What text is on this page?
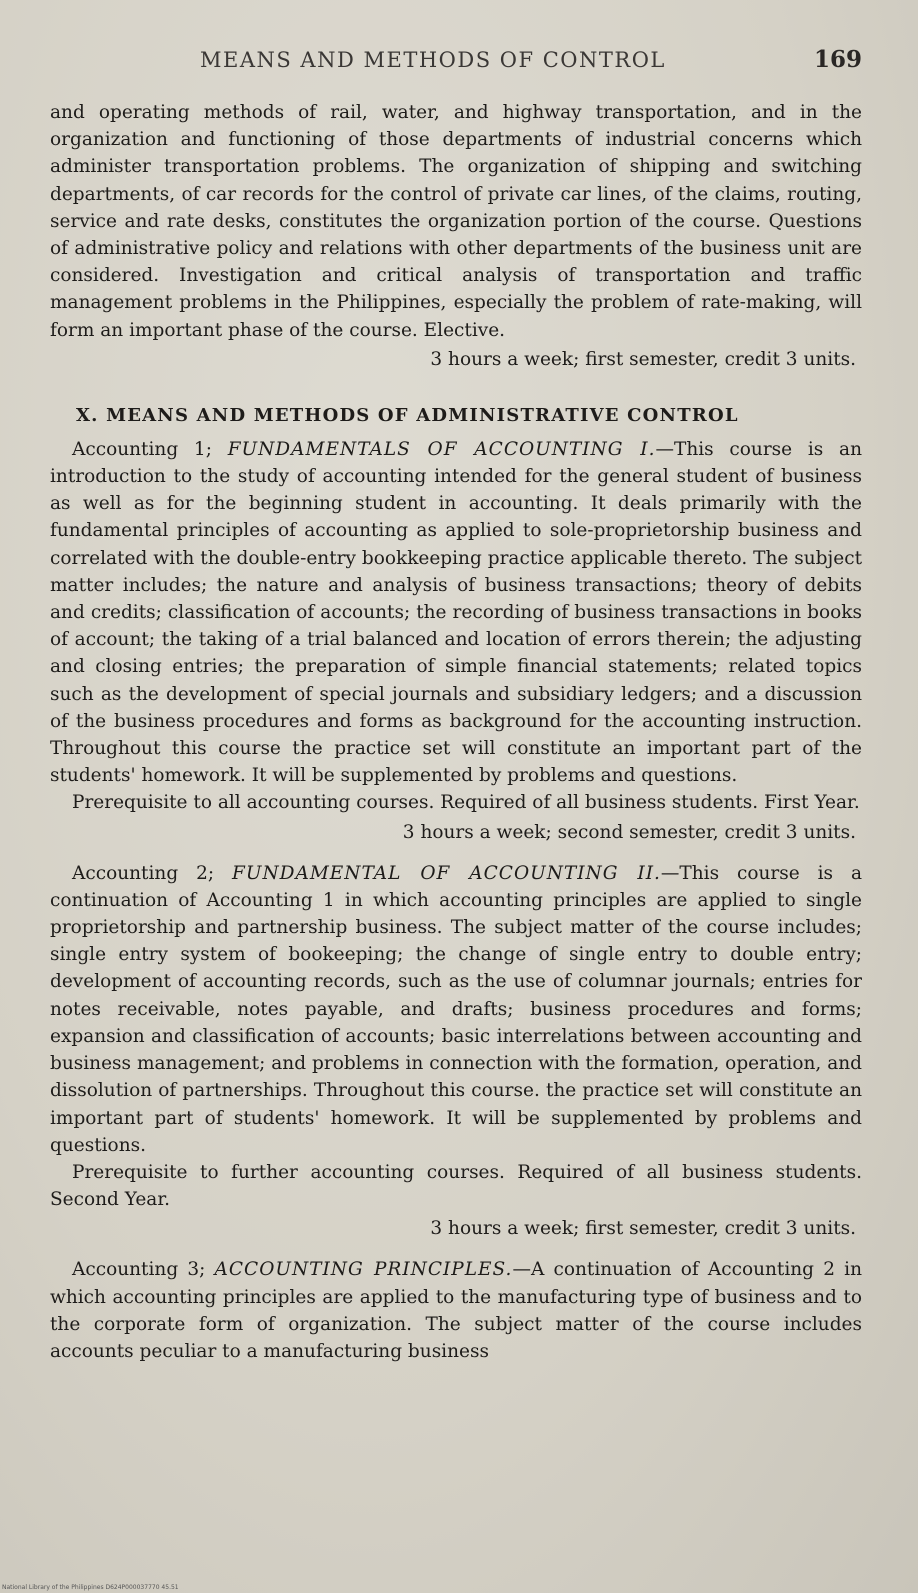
MEANS AND METHODS OF CONTROL	169

and operating methods of rail, water, and highway transportation, and in the organization and functioning of those departments of industrial concerns which administer transportation problems. The organization of shipping and switching departments, of car records for the control of private car lines, of the claims, routing, service and rate desks, constitutes the organization portion of the course. Questions of administrative policy and relations with other departments of the business unit are considered. Investigation and critical analysis of transportation and traffic management problems in the Philippines, especially the problem of rate-making, will form an important phase of the course. Elective.

3 hours a week; first semester, credit 3 units.
X. MEANS AND METHODS OF ADMINISTRATIVE CONTROL

Accounting 1; FUNDAMENTALS OF ACCOUNTING I.—This course is an introduction to the study of accounting intended for the general student of business as well as for the beginning student in accounting. It deals primarily with the fundamental principles of accounting as applied to sole-proprietorship business and correlated with the double-entry bookkeeping practice applicable thereto. The subject matter includes; the nature and analysis of business transactions; theory of debits and credits; classification of accounts; the recording of business transactions in books of account; the taking of a trial balanced and location of errors therein; the adjusting and closing entries; the preparation of simple financial statements; related topics such as the development of special journals and subsidiary ledgers; and a discussion of the business procedures and forms as background for the accounting instruction. Throughout this course the practice set will constitute an important part of the students' homework. It will be supplemented by problems and questions.

Prerequisite to all accounting courses. Required of all business students. First Year.

3 hours a week; second semester, credit 3 units.

Accounting 2; FUNDAMENTAL OF ACCOUNTING II.—This course is a continuation of Accounting 1 in which accounting principles are applied to single proprietorship and partnership business. The subject matter of the course includes; single entry system of bookeeping; the change of single entry to double entry; development of accounting records, such as the use of columnar journals; entries for notes receivable, notes payable, and drafts; business procedures and forms; expansion and classification of accounts; basic interrelations between accounting and business management; and problems in connection with the formation, operation, and dissolution of partnerships. Throughout this course. the practice set will constitute an important part of students' homework. It will be supplemented by problems and questions.

Prerequisite to further accounting courses. Required of all business students. Second Year.

3 hours a week; first semester, credit 3 units.

Accounting 3; ACCOUNTING PRINCIPLES.—A continuation of Accounting 2 in which accounting principles are applied to the manufacturing type of business and to the corporate form of organization. The subject matter of the course includes accounts peculiar to a manufacturing business

National Library of the Philippines D624P000037770 45.51
